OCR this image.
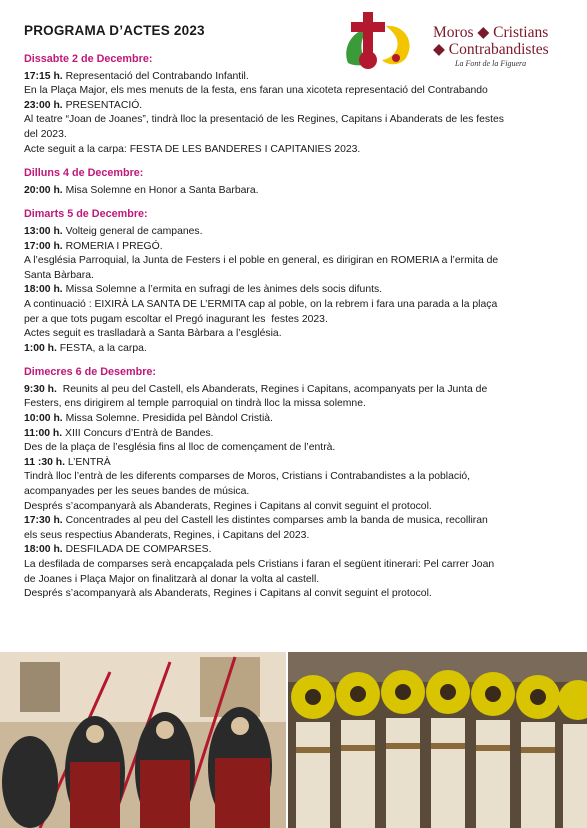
PROGRAMA D’ACTES 2023	Moros ◆ Cristians
◆ Contrabandistes
La Font de la Figuera
Dissabte 2 de Decembre:

17:15 h. Representació del Contrabando Infantil.

En la Plaça Major, els mes menuts de la festa, ens faran una xicoteta representació del Contrabando

23:00 h. PRESENTACIÓ.

Al teatre “Joan de Joanes”, tindrà lloc la presentació de les Regines, Capitans i Abanderats de les festes

del 2023.

Acte seguit a la carpa: FESTA DE LES BANDERES I CAPITANIES 2023.

Dilluns 4 de Decembre:

20:00 h. Misa Solemne en Honor a Santa Barbara.

Dimarts 5 de Decembre:

13:00 h. Volteig general de campanes.

17:00 h. ROMERIA I PREGÓ.

A l’església Parroquial, la Junta de Festers i el poble en general, es dirigiran en ROMERIA a l’ermita de

Santa Bàrbara.

18:00 h. Missa Solemne a l’ermita en sufragi de les ànimes dels socis difunts.

A continuació : EIXIRÀ LA SANTA DE L’ERMITA cap al poble, on la rebrem i fara una parada a la plaça

per a que tots pugam escoltar el Pregó inagurant les  festes 2023.

Actes seguit es traslladarà a Santa Bàrbara a l’església.

1:00 h. FESTA, a la carpa.

Dimecres 6 de Desembre:

9:30 h.  Reunits al peu del Castell, els Abanderats, Regines i Capitans, acompanyats per la Junta de

Festers, ens dirigirem al temple parroquial on tindrà lloc la missa solemne.

10:00 h. Missa Solemne. Presidida pel Bàndol Cristià.

11:00 h. XIII Concurs d’Entrà de Bandes.

Des de la plaça de l’església fins al lloc de començament de l’entrà.

11 :30 h. L’ENTRÀ

Tindrà lloc l’entrà de les diferents comparses de Moros, Cristians i Contrabandistes a la població,

acompanyades per les seues bandes de música.

Després s’acompanyarà als Abanderats, Regines i Capitans al convit seguint el protocol.

17:30 h. Concentrades al peu del Castell les distintes comparses amb la banda de musica, recolliran

els seus respectius Abanderats, Regines, i Capitans del 2023.

18:00 h. DESFILADA DE COMPARSES.

La desfilada de comparses serà encapçalada pels Cristians i faran el següent itinerari: Pel carrer Joan

de Joanes i Plaça Major on finalitzarà al donar la volta al castell.

Després s’acompanyarà als Abanderats, Regines i Capitans al convit seguint el protocol.
